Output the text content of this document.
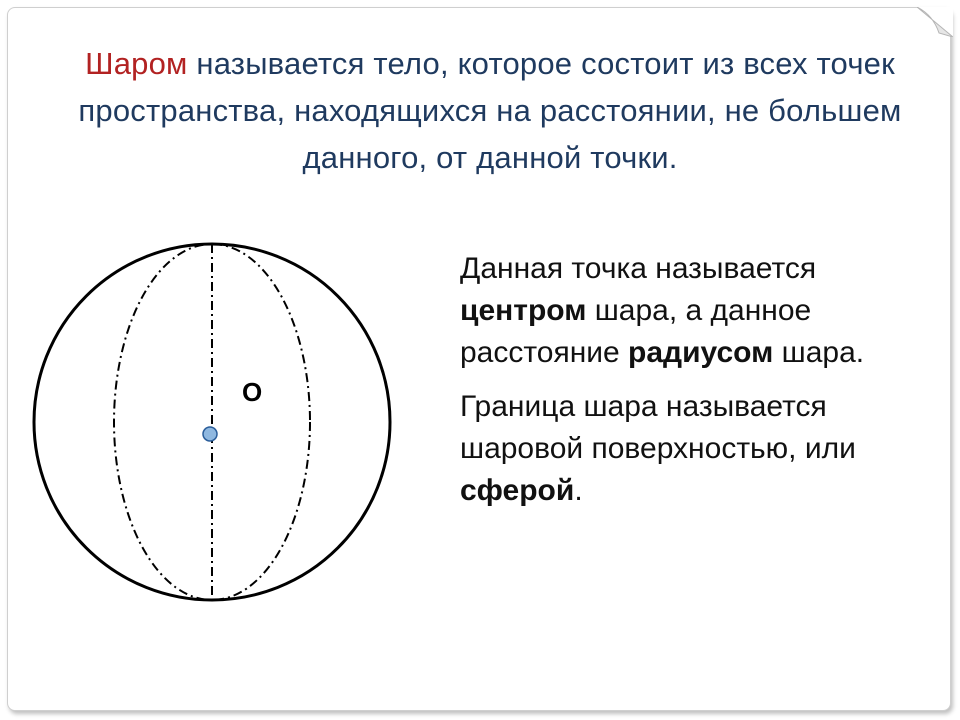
Шаром называется тело, которое состоит из всех точек пространства, находящихся на расстоянии, не большем данного, от данной точки.
O

Данная точка называется центром шара, а данное расстояние радиусом шара.

Граница шара называется шаровой поверхностью, или сферой.
